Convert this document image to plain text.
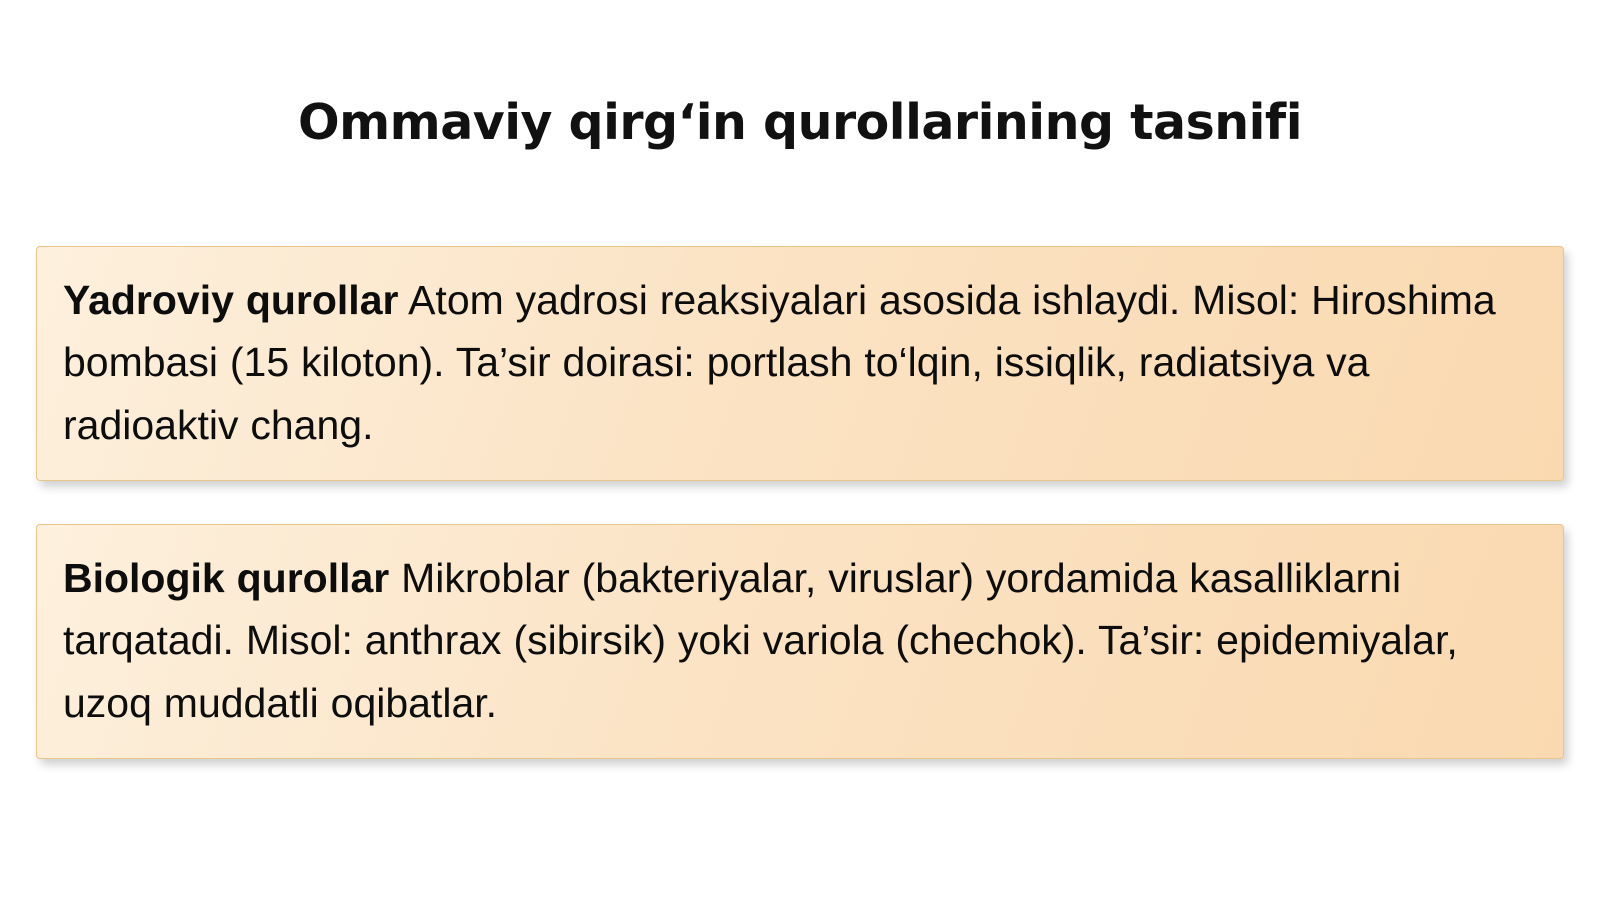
Ommaviy qirg‘in qurollarining tasnifi

Yadroviy qurollar Atom yadrosi reaksiyalari asosida ishlaydi. Misol: Hiroshima bombasi (15 kiloton). Ta’sir doirasi: portlash to‘lqin, issiqlik, radiatsiya va radioaktiv chang.

Biologik qurollar Mikroblar (bakteriyalar, viruslar) yordamida kasalliklarni tarqatadi. Misol: anthrax (sibirsik) yoki variola (chechok). Ta’sir: epidemiyalar, uzoq muddatli oqibatlar.
